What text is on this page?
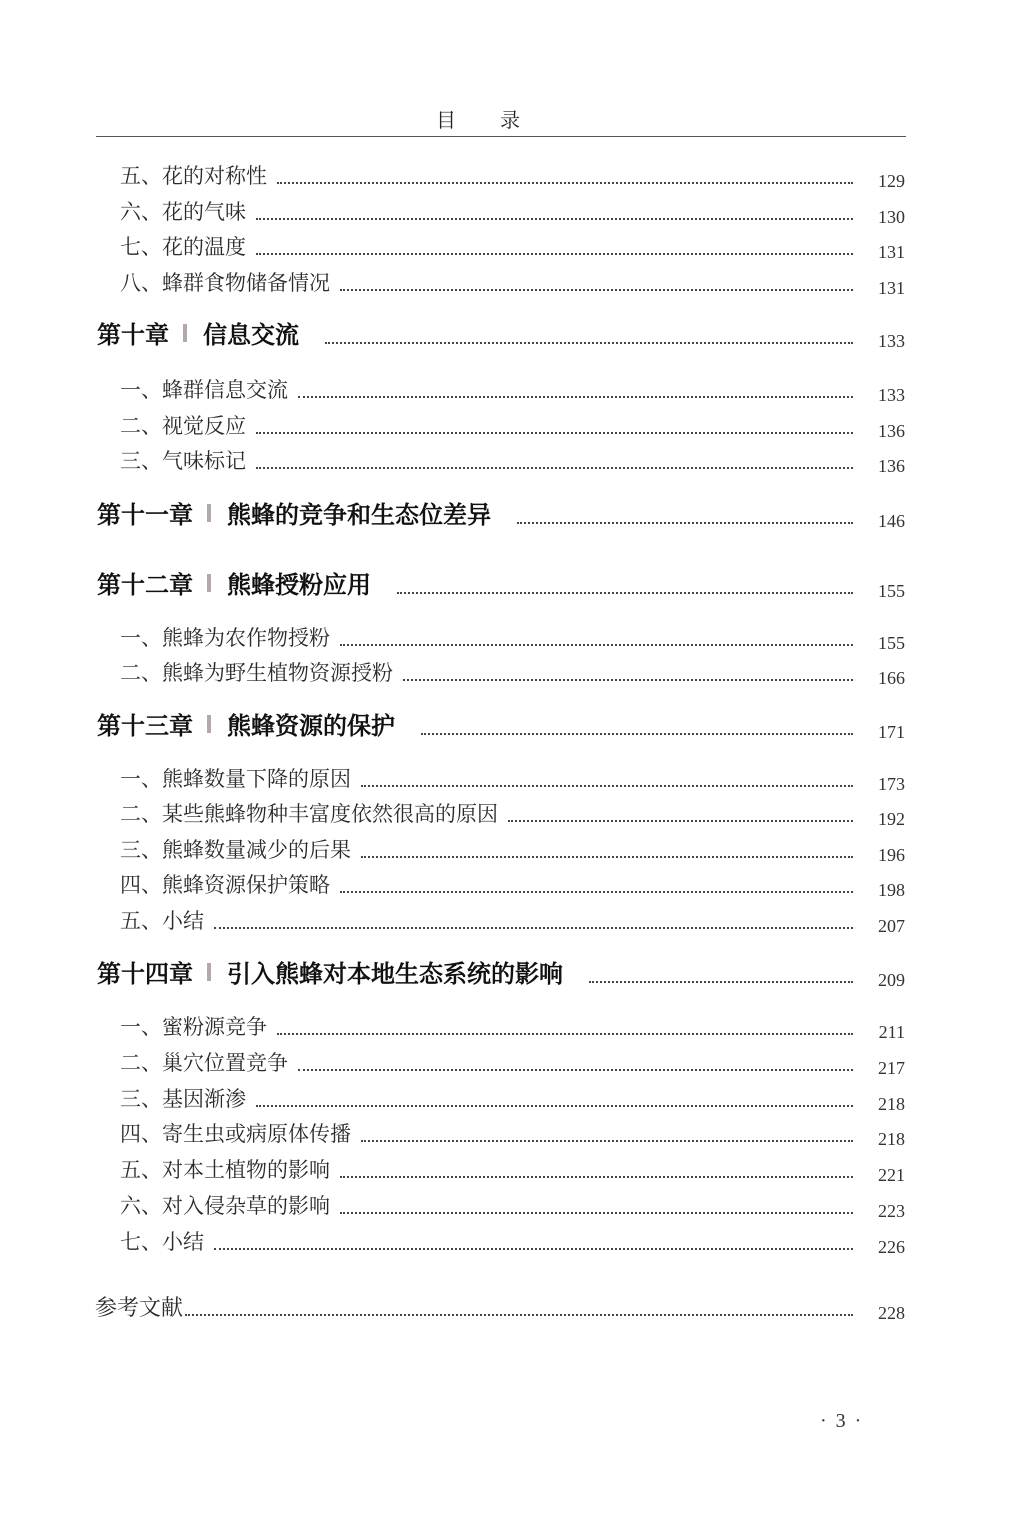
目录
五、花的对称性	129
六、花的气味	130
七、花的温度	131
八、蜂群食物储备情况	131
第十章 信息交流	133
一、蜂群信息交流	133
二、视觉反应	136
三、气味标记	136
第十一章 熊蜂的竞争和生态位差异	146
第十二章 熊蜂授粉应用	155
一、熊蜂为农作物授粉	155
二、熊蜂为野生植物资源授粉	166
第十三章 熊蜂资源的保护	171
一、熊蜂数量下降的原因	173
二、某些熊蜂物种丰富度依然很高的原因	192
三、熊蜂数量减少的后果	196
四、熊蜂资源保护策略	198
五、小结	207
第十四章 引入熊蜂对本地生态系统的影响	209
一、蜜粉源竞争	211
二、巢穴位置竞争	217
三、基因渐渗	218
四、寄生虫或病原体传播	218
五、对本土植物的影响	221
六、对入侵杂草的影响	223
七、小结	226
参考文献	228
· 3 ·
